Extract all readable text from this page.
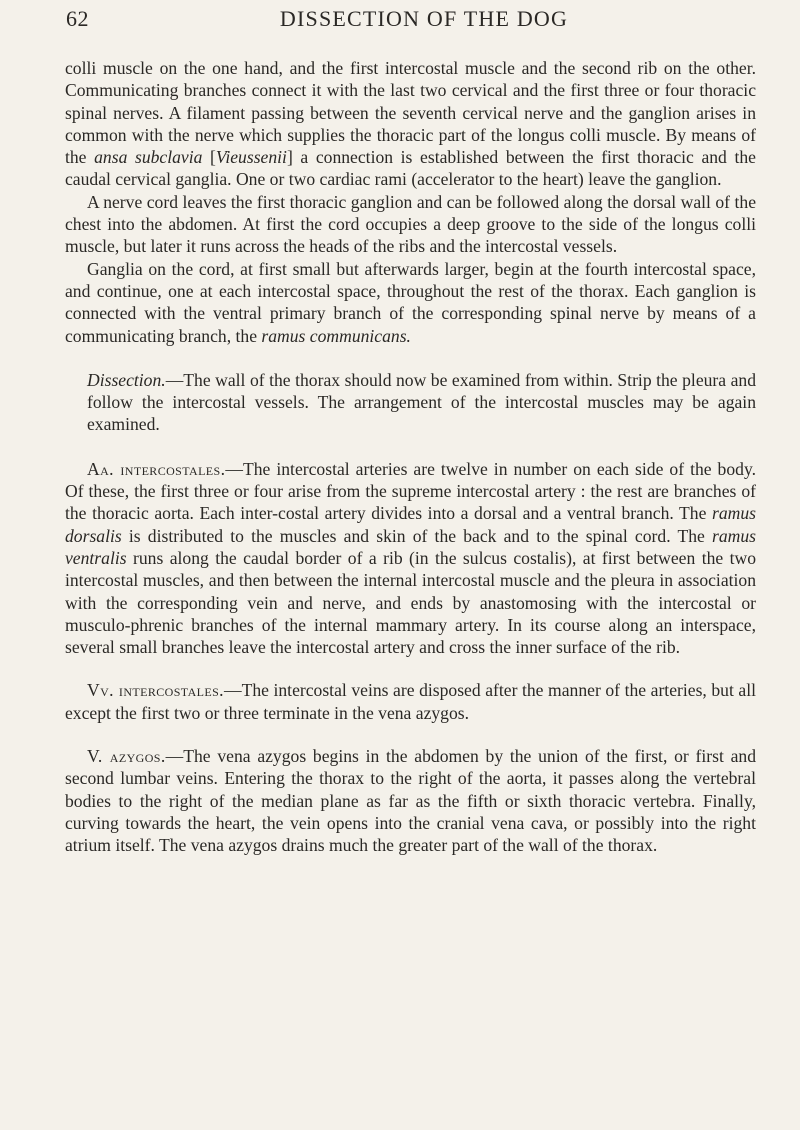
62	DISSECTION OF THE DOG

colli muscle on the one hand, and the first intercostal muscle and the second rib on the other. Communicating branches connect it with the last two cervical and the first three or four thoracic spinal nerves. A filament passing between the seventh cervical nerve and the ganglion arises in common with the nerve which supplies the thoracic part of the longus colli muscle. By means of the ansa subclavia [Vieussenii] a connection is established between the first thoracic and the caudal cervical ganglia. One or two cardiac rami (accelerator to the heart) leave the ganglion.

A nerve cord leaves the first thoracic ganglion and can be followed along the dorsal wall of the chest into the abdomen. At first the cord occupies a deep groove to the side of the longus colli muscle, but later it runs across the heads of the ribs and the intercostal vessels.

Ganglia on the cord, at first small but afterwards larger, begin at the fourth intercostal space, and continue, one at each intercostal space, throughout the rest of the thorax. Each ganglion is connected with the ventral primary branch of the corresponding spinal nerve by means of a communicating branch, the ramus communicans.

Dissection.—The wall of the thorax should now be examined from within. Strip the pleura and follow the intercostal vessels. The arrangement of the intercostal muscles may be again examined.

Aa. intercostales.—The intercostal arteries are twelve in number on each side of the body. Of these, the first three or four arise from the supreme intercostal artery : the rest are branches of the thoracic aorta. Each inter-costal artery divides into a dorsal and a ventral branch. The ramus dorsalis is distributed to the muscles and skin of the back and to the spinal cord. The ramus ventralis runs along the caudal border of a rib (in the sulcus costalis), at first between the two intercostal muscles, and then between the internal intercostal muscle and the pleura in association with the corresponding vein and nerve, and ends by anastomosing with the intercostal or musculo-phrenic branches of the internal mammary artery. In its course along an interspace, several small branches leave the intercostal artery and cross the inner surface of the rib.

Vv. intercostales.—The intercostal veins are disposed after the manner of the arteries, but all except the first two or three terminate in the vena azygos.

V. azygos.—The vena azygos begins in the abdomen by the union of the first, or first and second lumbar veins. Entering the thorax to the right of the aorta, it passes along the vertebral bodies to the right of the median plane as far as the fifth or sixth thoracic vertebra. Finally, curving towards the heart, the vein opens into the cranial vena cava, or possibly into the right atrium itself. The vena azygos drains much the greater part of the wall of the thorax.
